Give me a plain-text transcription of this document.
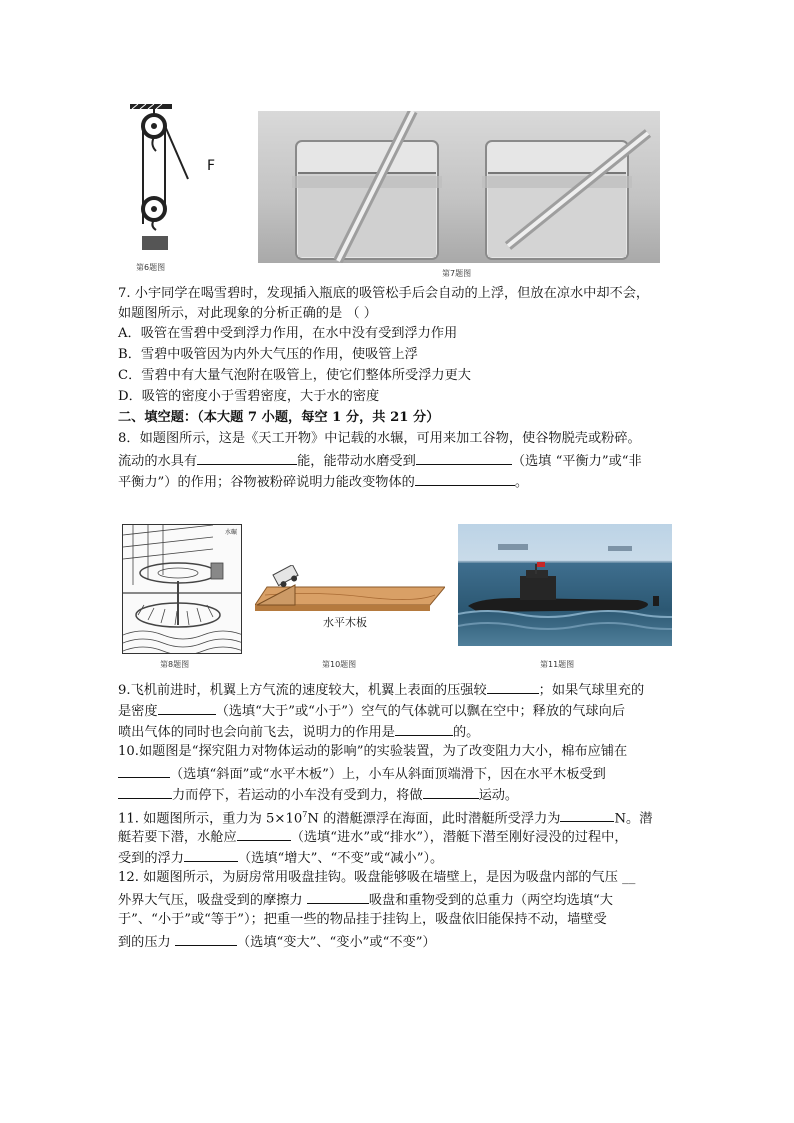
F
第6题图
第7题图
7. 小宇同学在喝雪碧时，发现插入瓶底的吸管松手后会自动的上浮，但放在凉水中却不会，
如题图所示，对此现象的分析正确的是 （ ）
A．吸管在雪碧中受到浮力作用，在水中没有受到浮力作用
B．雪碧中吸管因为内外大气压的作用，使吸管上浮
C．雪碧中有大量气泡附在吸管上，使它们整体所受浮力更大
D．吸管的密度小于雪碧密度，大于水的密度
二、填空题：（本大题 7 小题，每空 1 分，共 21 分）
8．如题图所示，这是《天工开物》中记载的水辗，可用来加工谷物，使谷物脱壳或粉碎。
流动的水具有	能，能带动水磨受到	（选填 “平衡力”或“非
平衡力”）的作用；谷物被粉碎说明力能改变物体的	。
水碾
第8题图
水平木板
第10题图	第11题图
9.飞机前进时，机翼上方气流的速度较大，机翼上表面的压强较	；如果气球里充的
是密度	（选填“大于”或“小于”）空气的气体就可以飘在空中；释放的气球向后
喷出气体的同时也会向前飞去，说明力的作用是	的。
10.如题图是“探究阻力对物体运动的影响”的实验装置，为了改变阻力大小，棉布应铺在
（选填“斜面”或“水平木板”）上，小车从斜面顶端滑下，因在水平木板受到
力而停下，若运动的小车没有受到力，将做	运动。
11. 如题图所示，重力为 $5\times 10^7N$ 的潜艇漂浮在海面，此时潜艇所受浮力为	N。潜
艇若要下潜，水舱应	（选填“进水”或“排水”），潜艇下潜至刚好浸没的过程中，
受到的浮力	（选填“增大”、“不变”或“减小”）。
12. 如题图所示，为厨房常用吸盘挂钩。吸盘能够吸在墙壁上，是因为吸盘内部的气压 __
外界大气压，吸盘受到的摩擦力	吸盘和重物受到的总重力（两空均选填“大
于”、“小于”或“等于”）；把重一些的物品挂于挂钩上，吸盘依旧能保持不动，墙壁受
到的压力	（选填“变大”、“变小”或“不变”）
